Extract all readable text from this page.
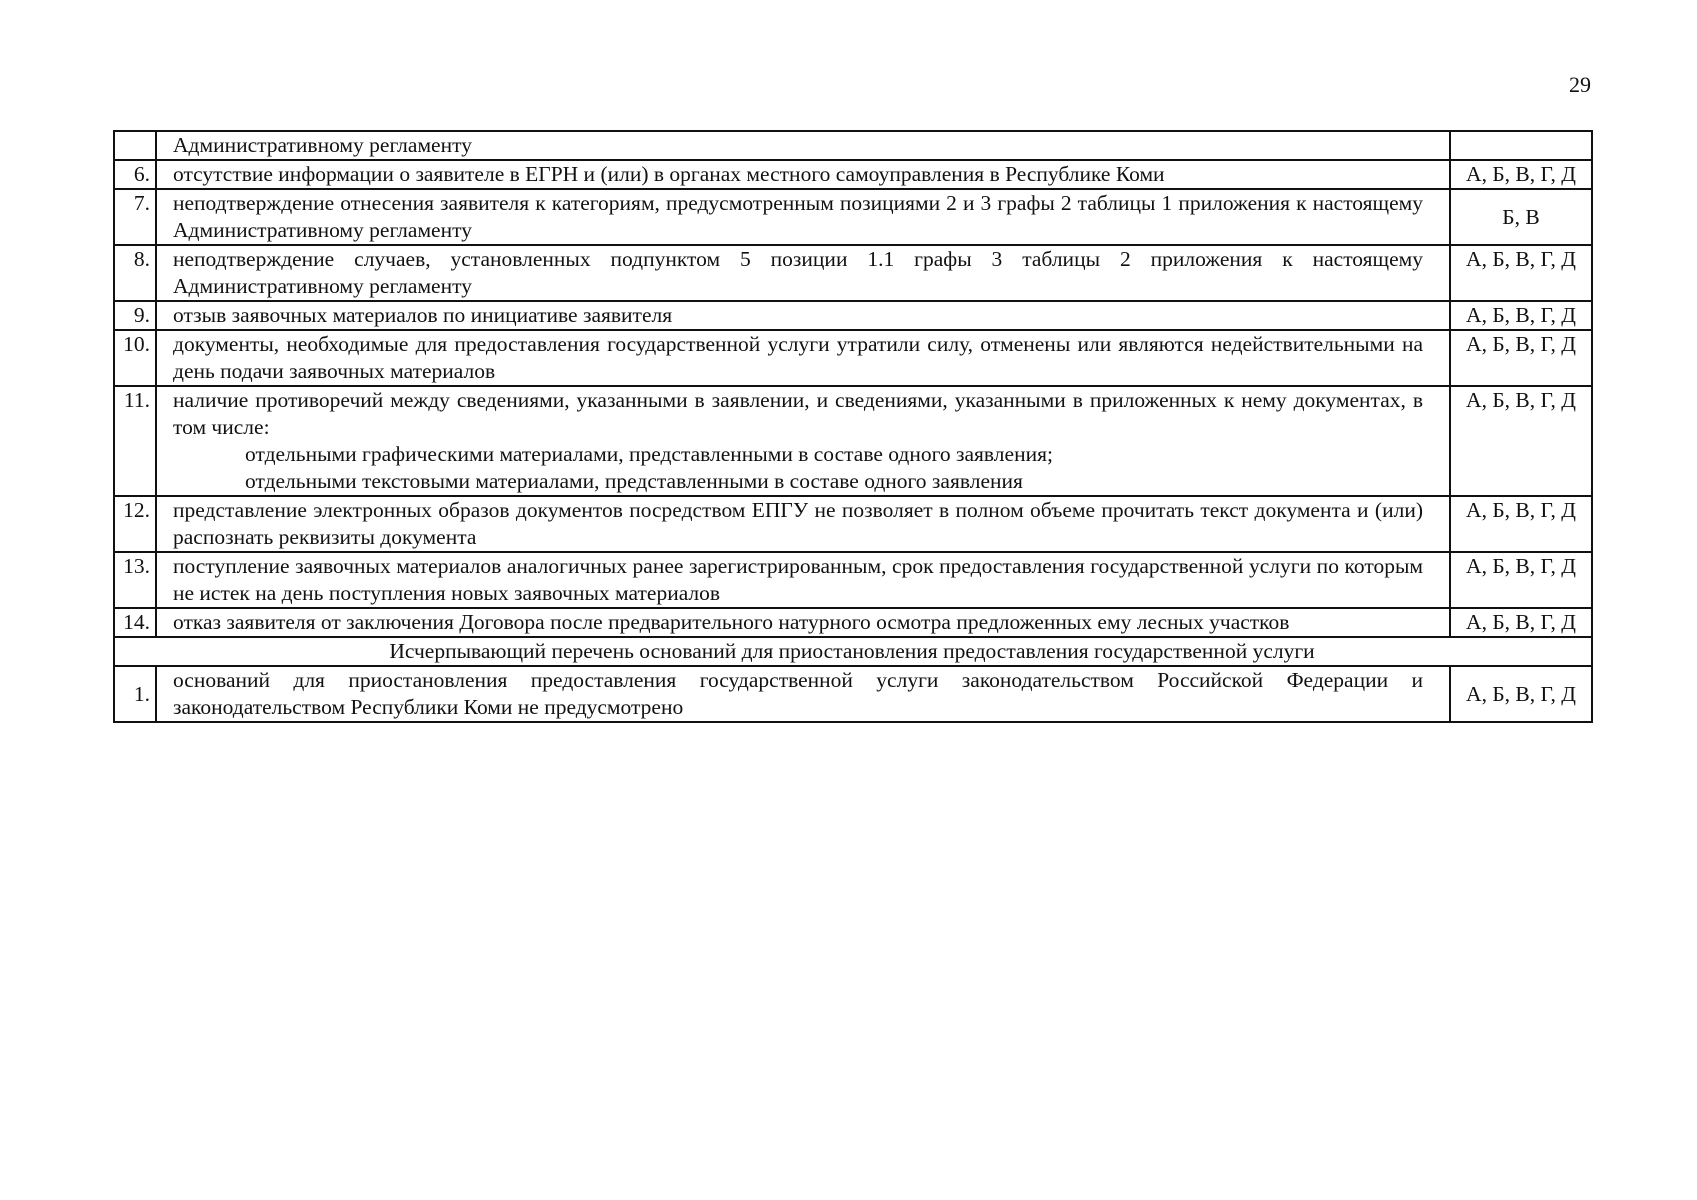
29
	Административному регламенту	
6.	отсутствие информации о заявителе в ЕГРН и (или) в органах местного самоуправления в Республике Коми	А, Б, В, Г, Д
7.	неподтверждение отнесения заявителя к категориям, предусмотренным позициями 2 и 3 графы 2 таблицы 1 приложения к настоящему Административному регламенту	Б, В
8.	неподтверждение случаев, установленных подпунктом 5 позиции 1.1 графы 3 таблицы 2 приложения к настоящему Административному регламенту	А, Б, В, Г, Д
9.	отзыв заявочных материалов по инициативе заявителя	А, Б, В, Г, Д
10.	документы, необходимые для предоставления государственной услуги утратили силу, отменены или являются недействительными на день подачи заявочных материалов	А, Б, В, Г, Д
11.	наличие противоречий между сведениями, указанными в заявлении, и сведениями, указанными в приложенных к нему документах, в том числе:
отдельными графическими материалами, представленными в составе одного заявления;
отдельными текстовыми материалами, представленными в составе одного заявления	А, Б, В, Г, Д
12.	представление электронных образов документов посредством ЕПГУ не позволяет в полном объеме прочитать текст документа и (или) распознать реквизиты документа	А, Б, В, Г, Д
13.	поступление заявочных материалов аналогичных ранее зарегистрированным, срок предоставления государственной услуги по которым не истек на день поступления новых заявочных материалов	А, Б, В, Г, Д
14.	отказ заявителя от заключения Договора после предварительного натурного осмотра предложенных ему лесных участков	А, Б, В, Г, Д
Исчерпывающий перечень оснований для приостановления предоставления государственной услуги		
1.	оснований для приостановления предоставления государственной услуги законодательством Российской Федерации и законодательством Республики Коми не предусмотрено	А, Б, В, Г, Д
